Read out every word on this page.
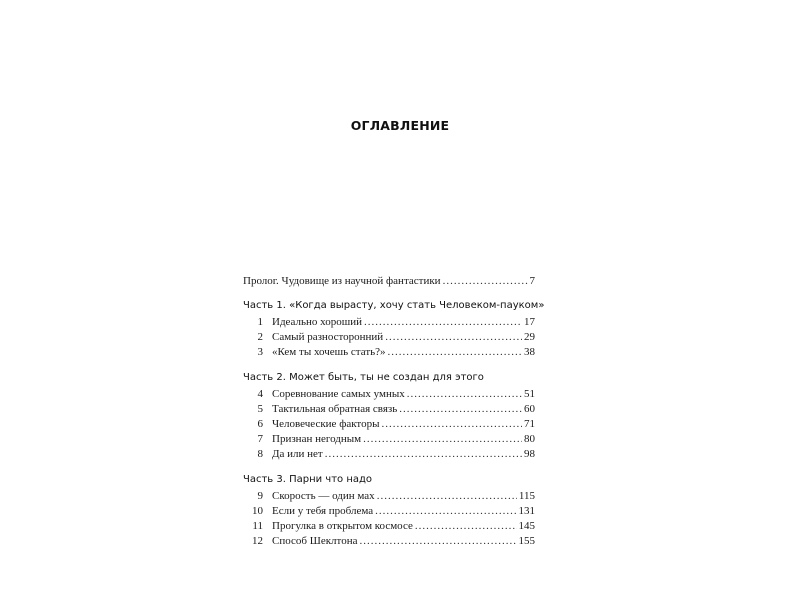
ОГЛАВЛЕНИЕ
Пролог. Чудовище из научной фантастики .....	7
Часть 1. «Когда вырасту, хочу стать Человеком-пауком»
1 Идеально хороший .....	17
2 Самый разносторонний .....	29
3 «Кем ты хочешь стать?» .....	38
Часть 2. Может быть, ты не создан для этого
4 Соревнование самых умных .....	51
5 Тактильная обратная связь .....	60
6 Человеческие факторы .....	71
7 Признан негодным .....	80
8 Да или нет .....	98
Часть 3. Парни что надо
9 Скорость — один мах .....	115
10 Если у тебя проблема .....	131
11 Прогулка в открытом космосе .....	145
12 Способ Шеклтона .....	155
